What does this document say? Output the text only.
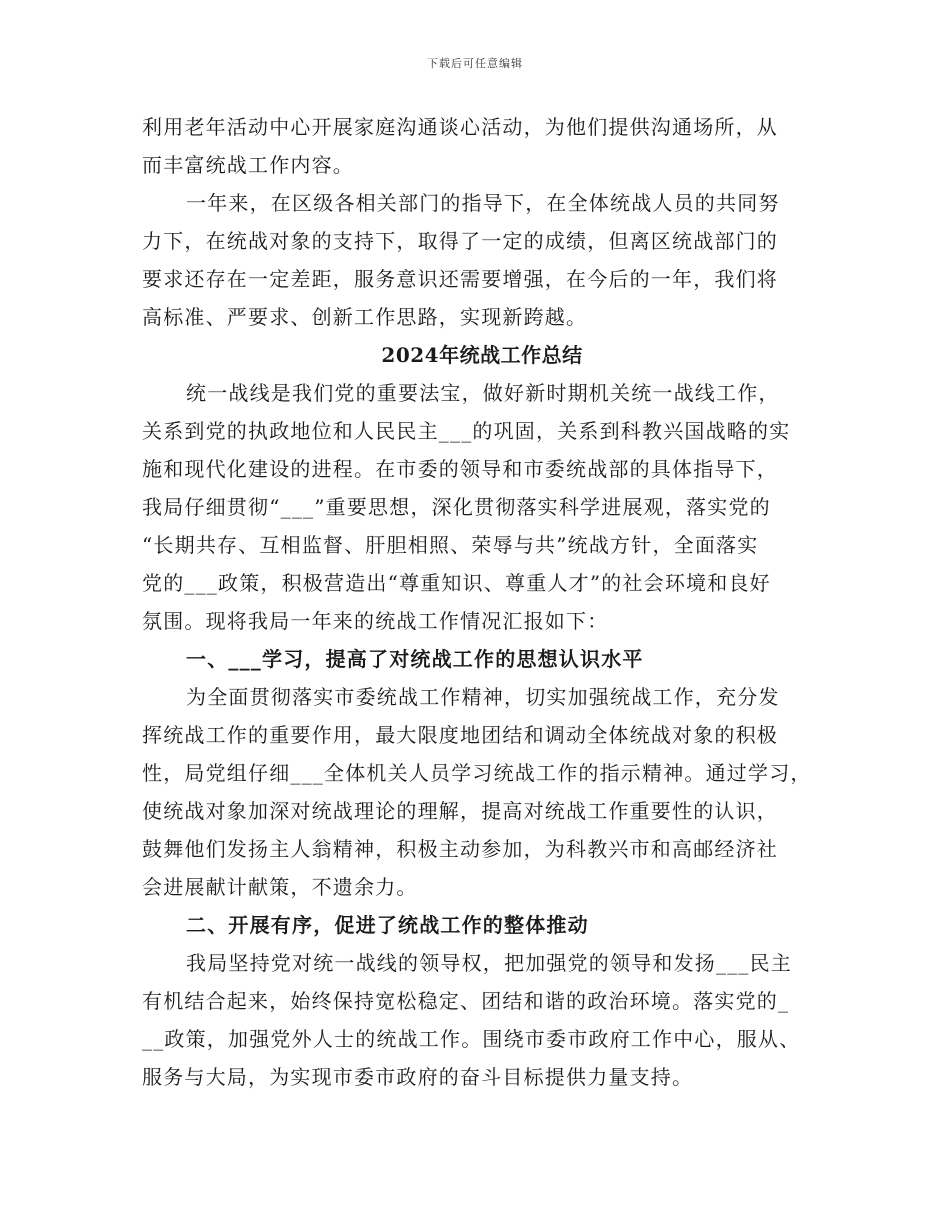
下载后可任意编辑
利用老年活动中心开展家庭沟通谈心活动，为他们提供沟通场所，从
而丰富统战工作内容。
一年来，在区级各相关部门的指导下，在全体统战人员的共同努
力下，在统战对象的支持下，取得了一定的成绩，但离区统战部门的
要求还存在一定差距，服务意识还需要增强，在今后的一年，我们将
高标准、严要求、创新工作思路，实现新跨越。
2024年统战工作总结
统一战线是我们党的重要法宝，做好新时期机关统一战线工作，
关系到党的执政地位和人民民主___的巩固，关系到科教兴国战略的实
施和现代化建设的进程。在市委的领导和市委统战部的具体指导下，
我局仔细贯彻“___”重要思想，深化贯彻落实科学进展观，落实党的
“长期共存、互相监督、肝胆相照、荣辱与共”统战方针，全面落实
党的___政策，积极营造出“尊重知识、尊重人才”的社会环境和良好
氛围。现将我局一年来的统战工作情况汇报如下：
一、___学习，提高了对统战工作的思想认识水平
为全面贯彻落实市委统战工作精神，切实加强统战工作，充分发
挥统战工作的重要作用，最大限度地团结和调动全体统战对象的积极
性，局党组仔细___全体机关人员学习统战工作的指示精神。通过学习，
使统战对象加深对统战理论的理解，提高对统战工作重要性的认识，
鼓舞他们发扬主人翁精神，积极主动参加，为科教兴市和高邮经济社
会进展献计献策，不遗余力。
二、开展有序，促进了统战工作的整体推动
我局坚持党对统一战线的领导权，把加强党的领导和发扬___民主
有机结合起来，始终保持宽松稳定、团结和谐的政治环境。落实党的_
__政策，加强党外人士的统战工作。围绕市委市政府工作中心，服从、
服务与大局，为实现市委市政府的奋斗目标提供力量支持。
